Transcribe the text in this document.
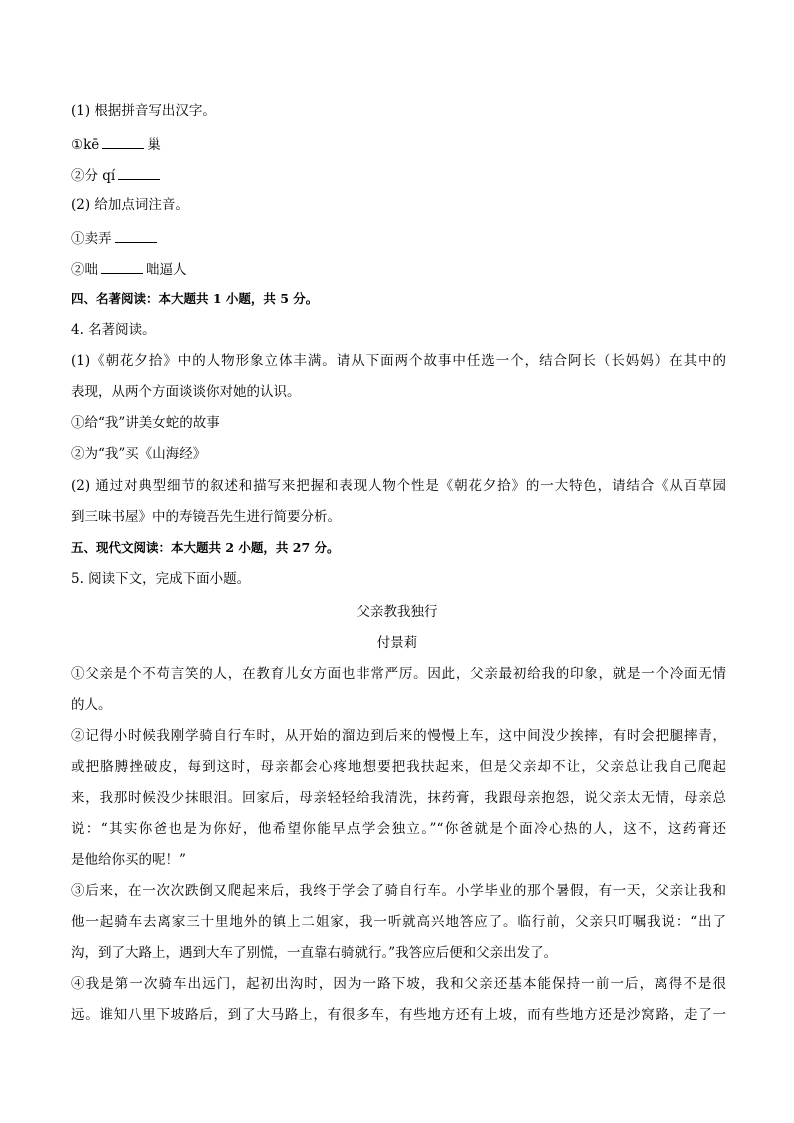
(1) 根据拼音写出汉字。
①kē	巢
②分 qí
(2) 给加点词注音。
①卖弄
②咄	咄逼人
四、名著阅读：本大题共 1 小题，共 5 分。
4. 名著阅读。
(1)《朝花夕拾》中的人物形象立体丰满。请从下面两个故事中任选一个，结合阿长（长妈妈）在其中的
表现，从两个方面谈谈你对她的认识。
①给“我”讲美女蛇的故事
②为“我”买《山海经》
(2) 通过对典型细节的叙述和描写来把握和表现人物个性是《朝花夕拾》的一大特色，请结合《从百草园
到三味书屋》中的寿镜吾先生进行简要分析。
五、现代文阅读：本大题共 2 小题，共 27 分。
5. 阅读下文，完成下面小题。
父亲教我独行
付景莉
①父亲是个不苟言笑的人，在教育儿女方面也非常严厉。因此，父亲最初给我的印象，就是一个冷面无情
的人。
②记得小时候我刚学骑自行车时，从开始的溜边到后来的慢慢上车，这中间没少挨摔，有时会把腿摔青，
或把胳膊挫破皮，每到这时，母亲都会心疼地想要把我扶起来，但是父亲却不让，父亲总让我自己爬起
来，我那时候没少抹眼泪。回家后，母亲轻轻给我清洗，抹药膏，我跟母亲抱怨，说父亲太无情，母亲总
说：“其实你爸也是为你好，他希望你能早点学会独立。”“你爸就是个面冷心热的人，这不，这药膏还
是他给你买的呢！”
③后来，在一次次跌倒又爬起来后，我终于学会了骑自行车。小学毕业的那个暑假，有一天，父亲让我和
他一起骑车去离家三十里地外的镇上二姐家，我一听就高兴地答应了。临行前，父亲只叮嘱我说：“出了
沟，到了大路上，遇到大车了别慌，一直靠右骑就行。”我答应后便和父亲出发了。
④我是第一次骑车出远门，起初出沟时，因为一路下坡，我和父亲还基本能保持一前一后，离得不是很
远。谁知八里下坡路后，到了大马路上，有很多车，有些地方还有上坡，而有些地方还是沙窝路，走了一
